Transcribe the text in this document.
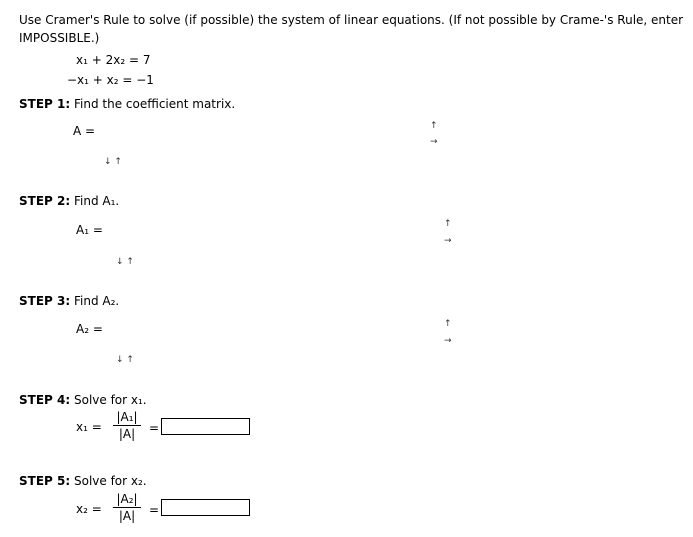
Use Cramer's Rule to solve (if possible) the system of linear equations. (If not possible by Crame-'s Rule, enter IMPOSSIBLE.)
x₁ + 2x₂ = 7
−x₁ + x₂ = −1
STEP 1: Find the coefficient matrix.
A =
↓ ↑
↑
→
STEP 2: Find A₁.
A₁ =
↓ ↑
↑
→
STEP 3: Find A₂.
A₂ =
↓ ↑
↑
→
STEP 4: Solve for x₁.
x₁ =
|A₁|
|A|	=
STEP 5: Solve for x₂.
x₂ =
|A₂|
|A|	=
